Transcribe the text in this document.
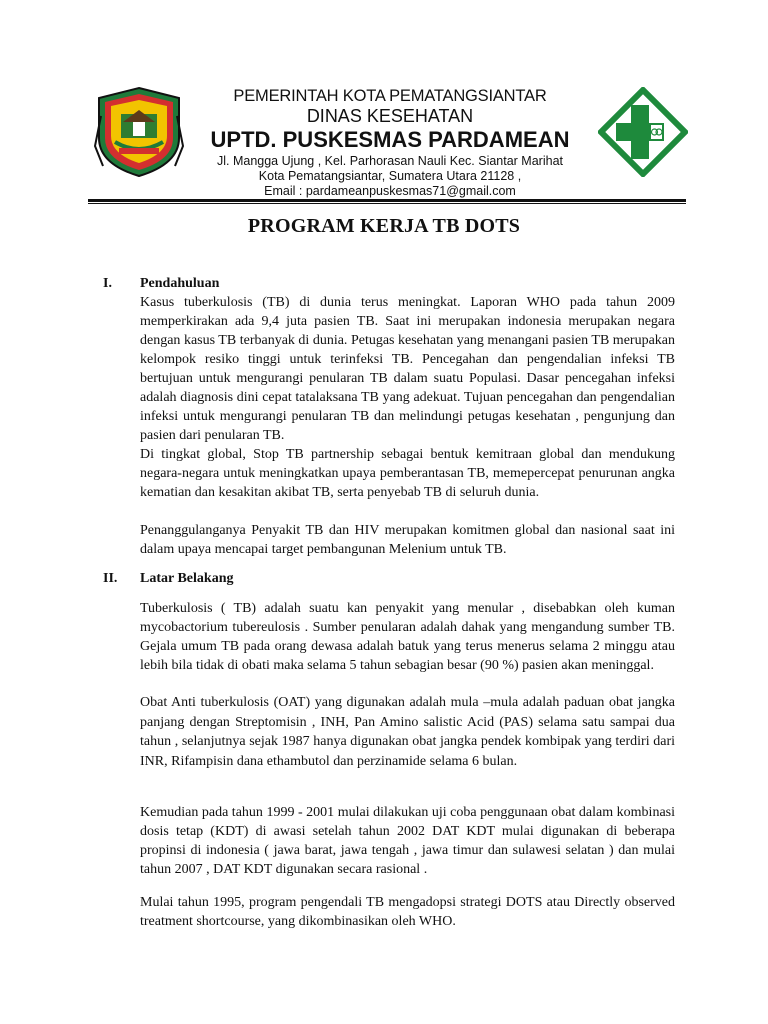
PEMERINTAH KOTA PEMATANGSIANTAR
DINAS KESEHATAN
UPTD. PUSKESMAS PARDAMEAN
Jl. Mangga Ujung , Kel. Parhorasan Nauli Kec. Siantar Marihat
Kota Pematangsiantar, Sumatera Utara 21128 ,
Email : pardameanpuskesmas71@gmail.com
PROGRAM KERJA TB DOTS
I. Pendahuluan

Kasus tuberkulosis (TB) di dunia terus meningkat. Laporan WHO pada tahun 2009 memperkirakan ada 9,4 juta pasien TB. Saat ini merupakan indonesia merupakan negara dengan kasus TB terbanyak di dunia. Petugas kesehatan yang menangani pasien TB merupakan kelompok resiko tinggi untuk terinfeksi TB. Pencegahan dan pengendalian infeksi TB bertujuan untuk mengurangi penularan TB dalam suatu Populasi. Dasar pencegahan infeksi adalah diagnosis dini cepat tatalaksana TB yang adekuat. Tujuan pencegahan dan pengendalian infeksi untuk mengurangi penularan TB dan melindungi petugas kesehatan , pengunjung dan pasien dari penularan TB.

Di tingkat global, Stop TB partnership sebagai bentuk kemitraan global dan mendukung negara-negara untuk meningkatkan upaya pemberantasan TB, memepercepat penurunan angka kematian dan kesakitan akibat TB, serta penyebab TB di seluruh dunia.

Penanggulanganya Penyakit TB dan HIV merupakan komitmen global dan nasional saat ini dalam upaya mencapai target pembangunan Melenium untuk TB.

II. Latar Belakang

Tuberkulosis ( TB) adalah suatu kan penyakit yang menular , disebabkan oleh kuman mycobactorium tubereulosis . Sumber penularan adalah dahak yang mengandung sumber TB. Gejala umum TB pada orang dewasa adalah batuk yang terus menerus selama 2 minggu atau lebih bila tidak di obati maka selama 5 tahun sebagian besar (90 %) pasien akan meninggal.

Obat Anti tuberkulosis (OAT) yang digunakan adalah mula –mula adalah paduan obat jangka panjang dengan Streptomisin , INH, Pan Amino salistic Acid (PAS) selama satu sampai dua tahun , selanjutnya sejak 1987 hanya digunakan obat jangka pendek kombipak yang terdiri dari INR, Rifampisin dana ethambutol dan perzinamide selama 6 bulan.

Kemudian pada tahun 1999 - 2001 mulai dilakukan uji coba penggunaan obat dalam kombinasi dosis tetap (KDT) di awasi setelah tahun 2002 DAT KDT mulai digunakan di beberapa propinsi di indonesia ( jawa barat, jawa tengah , jawa timur dan sulawesi selatan ) dan mulai tahun 2007 , DAT KDT digunakan secara rasional .

Mulai tahun 1995, program pengendali TB mengadopsi strategi DOTS atau Directly observed treatment shortcourse, yang dikombinasikan oleh WHO.
